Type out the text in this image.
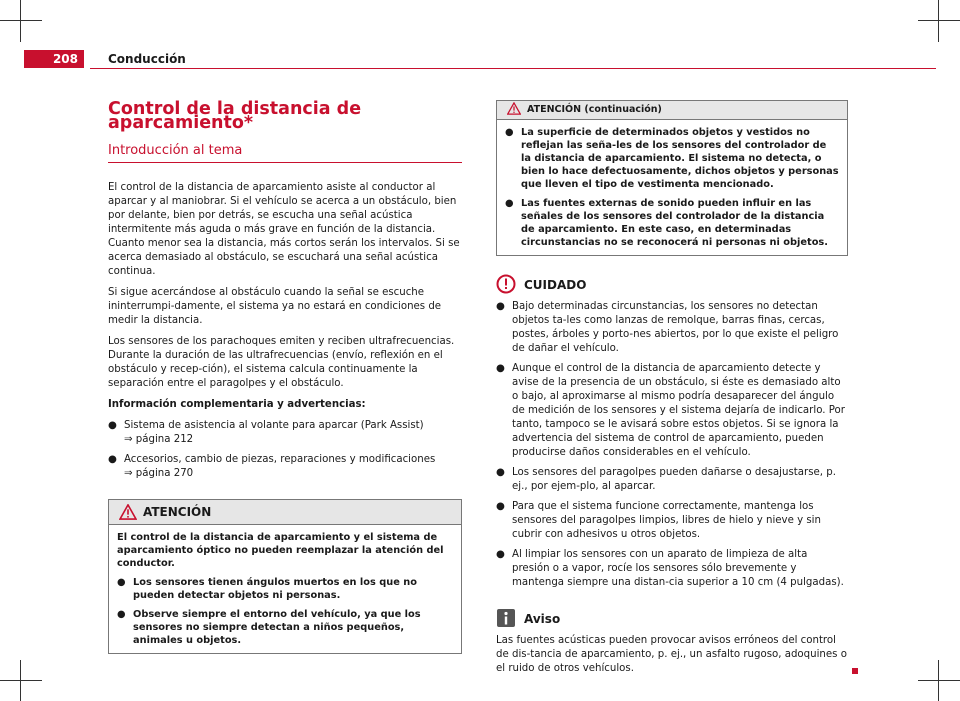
208	Conducción
Control de la distancia de aparcamiento*
Introducción al tema

El control de la distancia de aparcamiento asiste al conductor al aparcar y al maniobrar. Si el vehículo se acerca a un obstáculo, bien por delante, bien por detrás, se escucha una señal acústica intermitente más aguda o más grave en función de la distancia. Cuanto menor sea la distancia, más cortos serán los intervalos. Si se acerca demasiado al obstáculo, se escuchará una señal acústica continua.

Si sigue acercándose al obstáculo cuando la señal se escuche ininterrumpi-damente, el sistema ya no estará en condiciones de medir la distancia.

Los sensores de los parachoques emiten y reciben ultrafrecuencias. Durante la duración de las ultrafrecuencias (envío, reflexión en el obstáculo y recep-ción), el sistema calcula continuamente la separación entre el paragolpes y el obstáculo.

Información complementaria y advertencias:

● Sistema de asistencia al volante para aparcar (Park Assist)
⇒ página 212
● Accesorios, cambio de piezas, reparaciones y modificaciones
⇒ página 270
ATENCIÓN

El control de la distancia de aparcamiento y el sistema de aparcamiento óptico no pueden reemplazar la atención del conductor.

● Los sensores tienen ángulos muertos en los que no pueden detectar objetos ni personas.
● Observe siempre el entorno del vehículo, ya que los sensores no siempre detectan a niños pequeños, animales u objetos.
ATENCIÓN (continuación)
● La superficie de determinados objetos y vestidos no reflejan las seña-les de los sensores del controlador de la distancia de aparcamiento. El sistema no detecta, o bien lo hace defectuosamente, dichos objetos y personas que lleven el tipo de vestimenta mencionado.
● Las fuentes externas de sonido pueden influir en las señales de los sensores del controlador de la distancia de aparcamiento. En este caso, en determinadas circunstancias no se reconocerá ni personas ni objetos.
CUIDADO
● Bajo determinadas circunstancias, los sensores no detectan objetos ta-les como lanzas de remolque, barras finas, cercas, postes, árboles y porto-nes abiertos, por lo que existe el peligro de dañar el vehículo.
● Aunque el control de la distancia de aparcamiento detecte y avise de la presencia de un obstáculo, si éste es demasiado alto o bajo, al aproximarse al mismo podría desaparecer del ángulo de medición de los sensores y el sistema dejaría de indicarlo. Por tanto, tampoco se le avisará sobre estos objetos. Si se ignora la advertencia del sistema de control de aparcamiento, pueden producirse daños considerables en el vehículo.
● Los sensores del paragolpes pueden dañarse o desajustarse, p. ej., por ejem-plo, al aparcar.
● Para que el sistema funcione correctamente, mantenga los sensores del paragolpes limpios, libres de hielo y nieve y sin cubrir con adhesivos u otros objetos.
● Al limpiar los sensores con un aparato de limpieza de alta presión o a vapor, rocíe los sensores sólo brevemente y mantenga siempre una distan-cia superior a 10 cm (4 pulgadas).
Aviso

Las fuentes acústicas pueden provocar avisos erróneos del control de dis-tancia de aparcamiento, p. ej., un asfalto rugoso, adoquines o el ruido de otros vehículos.
